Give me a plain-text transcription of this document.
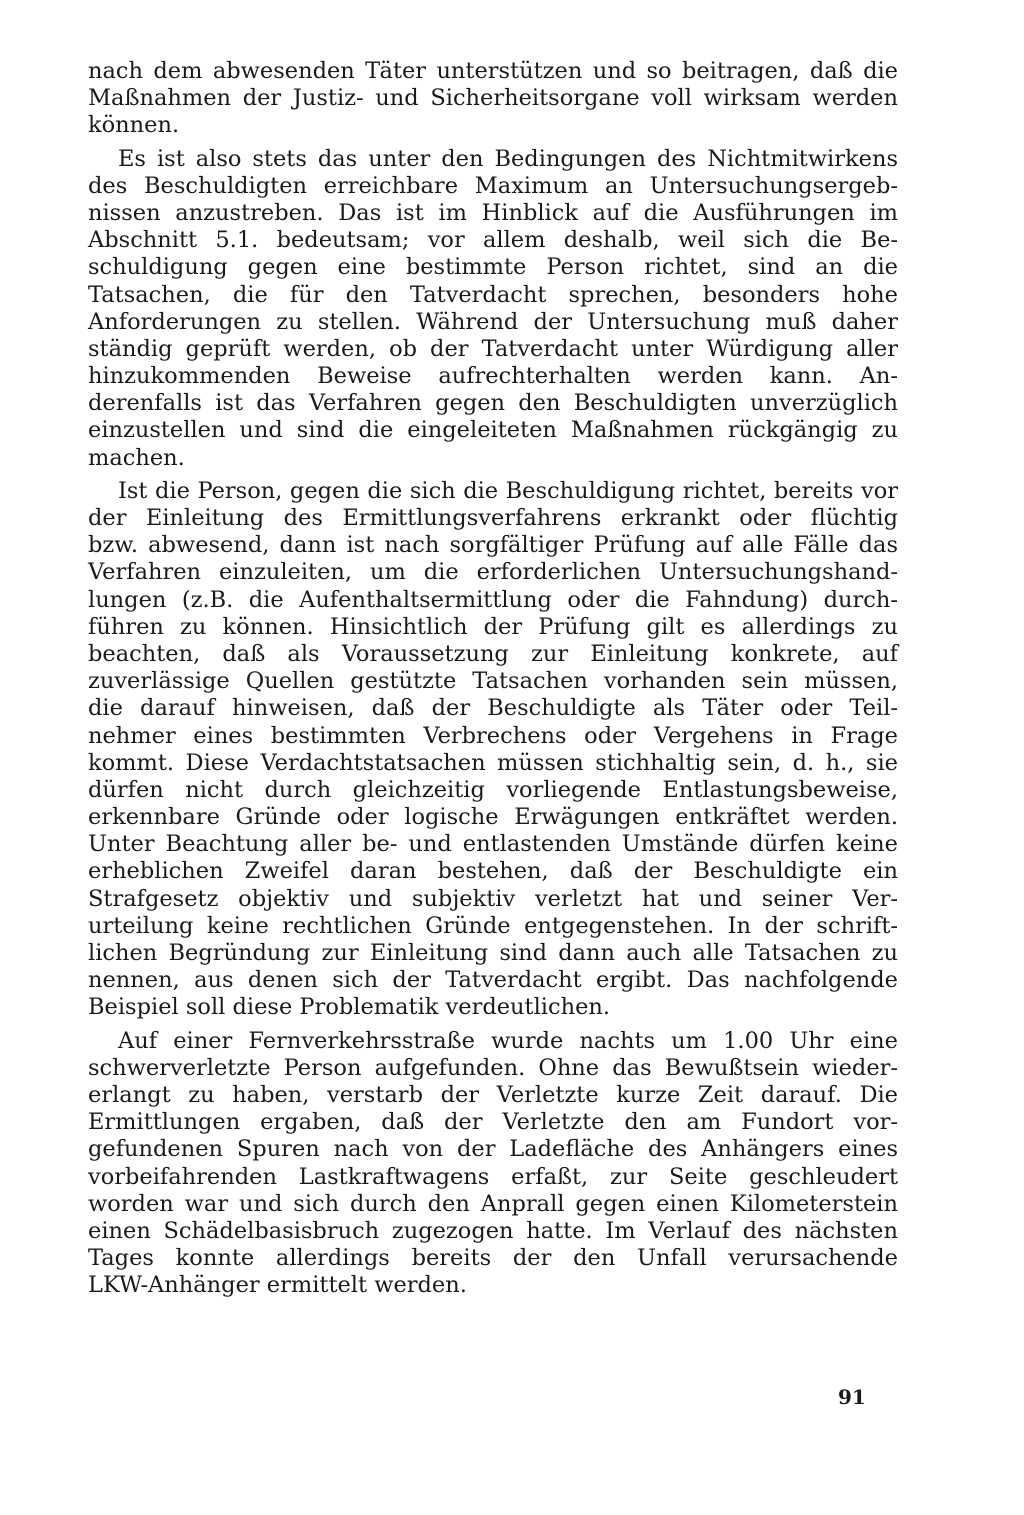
nach dem abwesenden Täter unterstützen und so beitragen, daß die
Maßnahmen der Justiz- und Sicherheitsorgane voll wirksam werden
können.
Es ist also stets das unter den Bedingungen des Nichtmitwirkens
des Beschuldigten erreichbare Maximum an Untersuchungsergeb-
nissen anzustreben. Das ist im Hinblick auf die Ausführungen im
Abschnitt 5.1. bedeutsam; vor allem deshalb, weil sich die Be-
schuldigung gegen eine bestimmte Person richtet, sind an die
Tatsachen, die für den Tatverdacht sprechen, besonders hohe
Anforderungen zu stellen. Während der Untersuchung muß daher
ständig geprüft werden, ob der Tatverdacht unter Würdigung aller
hinzukommenden Beweise aufrechterhalten werden kann. An-
derenfalls ist das Verfahren gegen den Beschuldigten unverzüglich
einzustellen und sind die eingeleiteten Maßnahmen rückgängig zu
machen.
Ist die Person, gegen die sich die Beschuldigung richtet, bereits vor
der Einleitung des Ermittlungsverfahrens erkrankt oder flüchtig
bzw. abwesend, dann ist nach sorgfältiger Prüfung auf alle Fälle das
Verfahren einzuleiten, um die erforderlichen Untersuchungshand-
lungen (z.B. die Aufenthaltsermittlung oder die Fahndung) durch-
führen zu können. Hinsichtlich der Prüfung gilt es allerdings zu
beachten, daß als Voraussetzung zur Einleitung konkrete, auf
zuverlässige Quellen gestützte Tatsachen vorhanden sein müssen,
die darauf hinweisen, daß der Beschuldigte als Täter oder Teil-
nehmer eines bestimmten Verbrechens oder Vergehens in Frage
kommt. Diese Verdachtstatsachen müssen stichhaltig sein, d. h., sie
dürfen nicht durch gleichzeitig vorliegende Entlastungsbeweise,
erkennbare Gründe oder logische Erwägungen entkräftet werden.
Unter Beachtung aller be- und entlastenden Umstände dürfen keine
erheblichen Zweifel daran bestehen, daß der Beschuldigte ein
Strafgesetz objektiv und subjektiv verletzt hat und seiner Ver-
urteilung keine rechtlichen Gründe entgegenstehen. In der schrift-
lichen Begründung zur Einleitung sind dann auch alle Tatsachen zu
nennen, aus denen sich der Tatverdacht ergibt. Das nachfolgende
Beispiel soll diese Problematik verdeutlichen.
Auf einer Fernverkehrsstraße wurde nachts um 1.00 Uhr eine
schwerverletzte Person aufgefunden. Ohne das Bewußtsein wieder-
erlangt zu haben, verstarb der Verletzte kurze Zeit darauf. Die
Ermittlungen ergaben, daß der Verletzte den am Fundort vor-
gefundenen Spuren nach von der Ladefläche des Anhängers eines
vorbeifahrenden Lastkraftwagens erfaßt, zur Seite geschleudert
worden war und sich durch den Anprall gegen einen Kilometerstein
einen Schädelbasisbruch zugezogen hatte. Im Verlauf des nächsten
Tages konnte allerdings bereits der den Unfall verursachende
LKW-Anhänger ermittelt werden.
91
